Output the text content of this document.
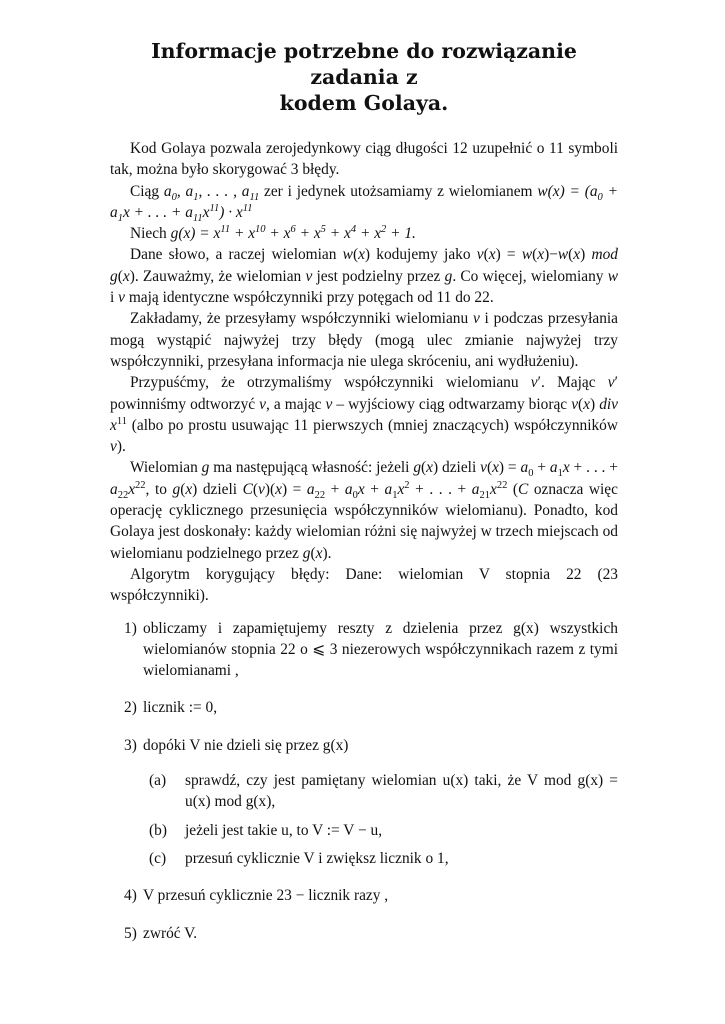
Informacje potrzebne do rozwiązanie zadania z
kodem Golaya.

Kod Golaya pozwala zerojedynkowy ciąg długości 12 uzupełnić o 11 symboli tak, można było skorygować 3 błędy.

Ciąg $a_0$, $a_1$, . . . , $a_{11}$ zer i jedynek utożsamiamy z wielomianem $w(x) = (a_0 + a_1x$ + . . . + $a_{11}x^{11}) \cdot x^{11}$

Niech $g(x) = x^{11} + x^{10} + x^6 + x^5 + x^4 + x^2 + 1$.

Dane słowo, a raczej wielomian w(x) kodujemy jako v(x) = w(x)−w(x) mod g(x). Zauważmy, że wielomian v jest podzielny przez g. Co więcej, wielomiany w i v mają identyczne współczynniki przy potęgach od 11 do 22.

Zakładamy, że przesyłamy współczynniki wielomianu v i podczas przesyłania mogą wystąpić najwyżej trzy błędy (mogą ulec zmianie najwyżej trzy współczynniki, przesyłana informacja nie ulega skróceniu, ani wydłużeniu).

Przypuśćmy, że otrzymaliśmy współczynniki wielomianu v′. Mając v′ powinniśmy odtworzyć v, a mając v – wyjściowy ciąg odtwarzamy biorąc v(x) div $x^{11}$ (albo po prostu usuwając 11 pierwszych (mniej znaczących) współczynników v).

Wielomian g ma następującą własność: jeżeli g(x) dzieli $v(x) = a_0 + a_1x$ + . . . + $a_{22}x^{22}$, to g(x) dzieli $C(v)(x) = a_{22} + a_0x + a_1x^2$ + . . . + $a_{21}x^{22}$ (C oznacza więc operację cyklicznego przesunięcia współczynników wielomianu). Ponadto, kod Golaya jest doskonały: każdy wielomian różni się najwyżej w trzech miejscach od wielomianu podzielnego przez g(x).

Algorytm korygujący błędy: Dane: wielomian V stopnia 22 (23 współczynniki).

1) obliczamy i zapamiętujemy reszty z dzielenia przez g(x) wszystkich wielomianów stopnia 22 o ⩽ 3 niezerowych współczynnikach razem z tymi wielomianami ,
2) licznik := 0,
3) dopóki V nie dzieli się przez g(x)
(a) sprawdź, czy jest pamiętany wielomian u(x) taki, że V mod g(x) = u(x) mod g(x),
(b) jeżeli jest takie u, to V := V − u,
(c) przesuń cyklicznie V i zwiększ licznik o 1,
4) V przesuń cyklicznie 23 − licznik razy ,
5) zwróć V.
